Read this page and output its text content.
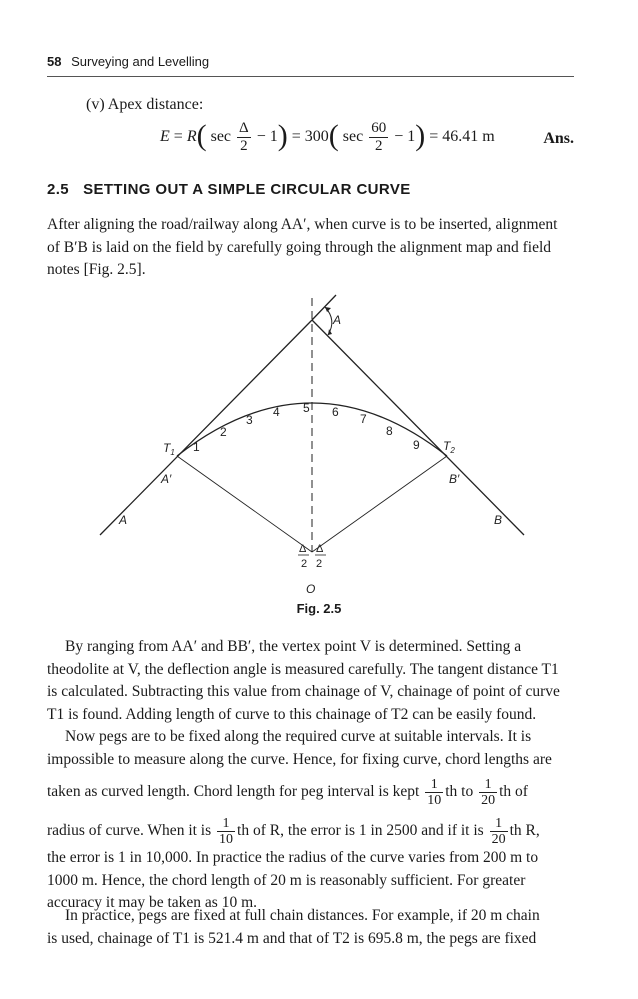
58 Surveying and Levelling
(v) Apex distance:
E = R( $\sec \frac{\Delta}{2} - 1) = 300$( $\sec \frac{60}{2} - 1) = 46.41$ m	Ans.
2.5 SETTING OUT A SIMPLE CIRCULAR CURVE
After aligning the road/railway along AA′, when curve is to be inserted, alignment
of B′B is laid on the field by carefully going through the alignment map and field
notes [Fig. 2.5].
A
$T_1$	$T_2$
A′	B′
A	B
O
1
2
3
4 5 6 7
8
9
Δ Δ
2 2
Fig. 2.5
By ranging from AA′ and BB′, the vertex point V is determined. Setting a
theodolite at V, the deflection angle is measured carefully. The tangent distance T1
is calculated. Subtracting this value from chainage of V, chainage of point of curve
T1 is found. Adding length of curve to this chainage of T2 can be easily found.
Now pegs are to be fixed along the required curve at suitable intervals. It is
impossible to measure along the curve. Hence, for fixing curve, chord lengths are
taken as curved length. Chord length for peg interval is kept $\frac{1}{10}$ th to $\frac{1}{20}$ th of
radius of curve. When it is $\frac{1}{10}$ th of R, the error is 1 in 2500 and if it is $\frac{1}{20}$ th R,
the error is 1 in 10,000. In practice the radius of the curve varies from 200 m to
1000 m. Hence, the chord length of 20 m is reasonably sufficient. For greater
accuracy it may be taken as 10 m.
In practice, pegs are fixed at full chain distances. For example, if 20 m chain
is used, chainage of T1 is 521.4 m and that of T2 is 695.8 m, the pegs are fixed
